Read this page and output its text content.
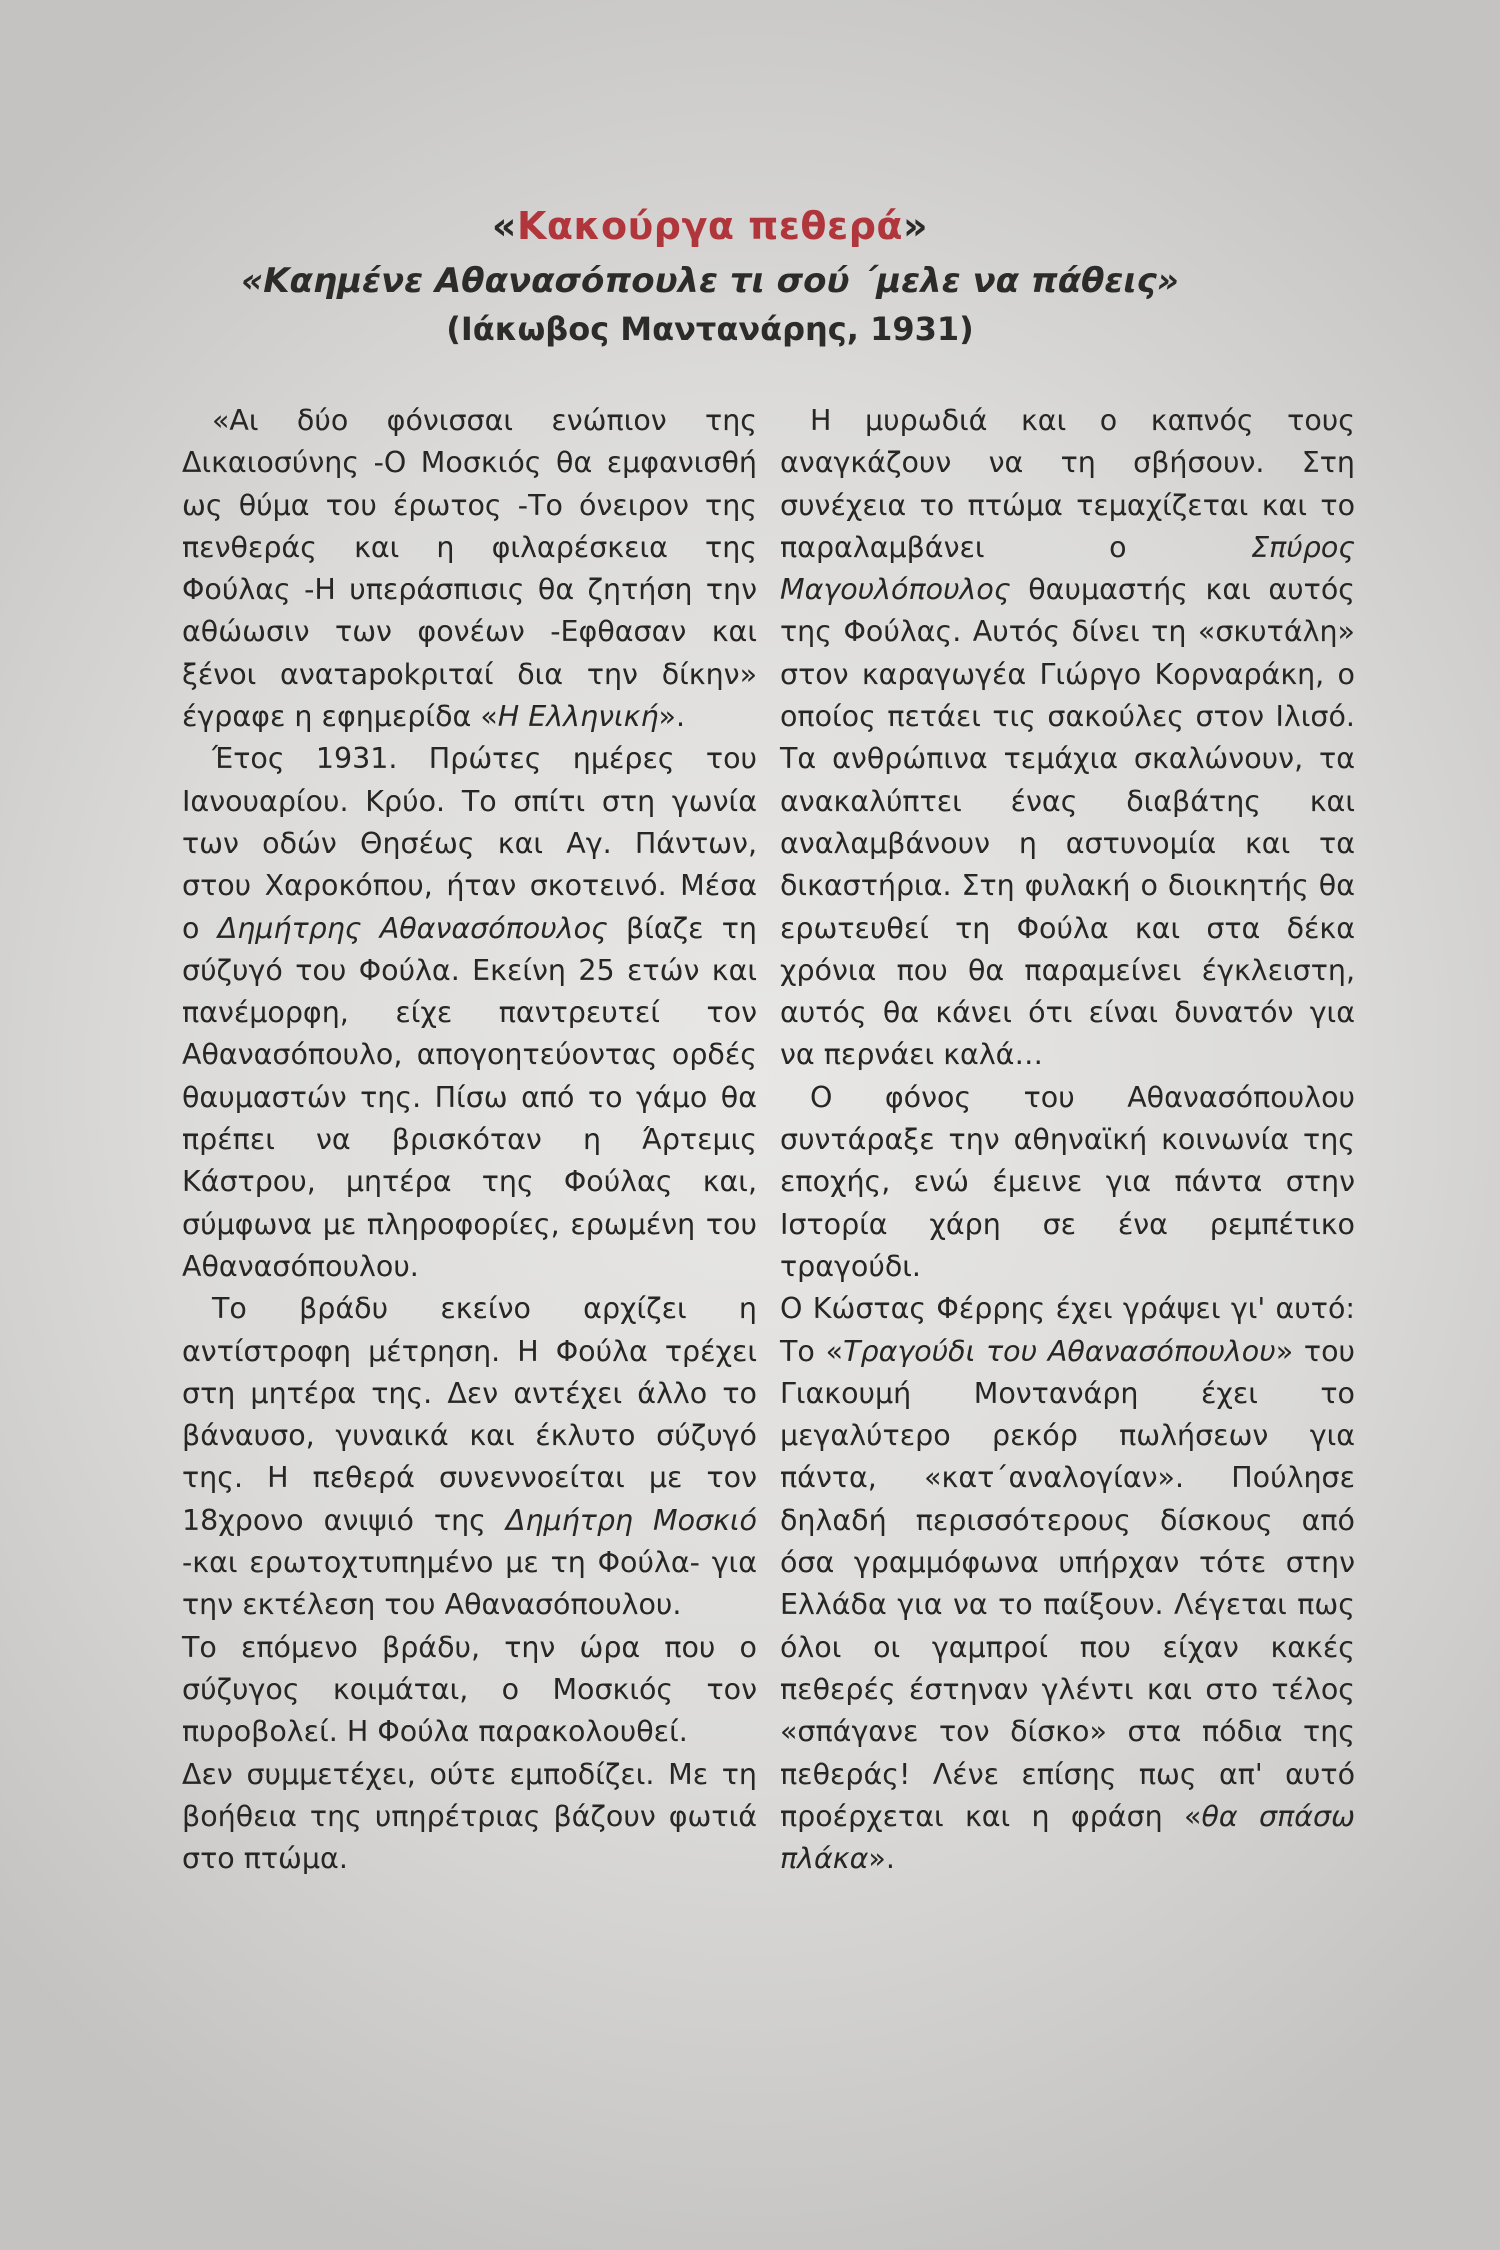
«Κακούργα πεθερά»
«Καημένε Αθανασόπουλε τι σού ΄μελε να πάθεις»
(Ιάκωβος Μαντανάρης, 1931)

«Αι δύο φόνισσαι ενώπιον της Δικαιοσύνης -Ο Μοσκιός θα εμφανισθή ως θύμα του έρωτος -Το όνειρον της πενθεράς και η φιλαρέσκεια της Φούλας -Η υπεράσπισις θα ζητήση την αθώωσιν των φονέων -Εφθασαν και ξένοι ανατapokριταί δια την δίκην» έγραφε η εφημερίδα «Η Ελληνική».

Έτος 1931. Πρώτες ημέρες του Ιανουαρίου. Κρύο. Το σπίτι στη γωνία των οδών Θησέως και Αγ. Πάντων, στου Χαροκόπου, ήταν σκοτεινό. Μέσα ο Δημήτρης Αθανασόπουλος βίαζε τη σύζυγό του Φούλα. Εκείνη 25 ετών και πανέμορφη, είχε παντρευτεί τον Αθανασόπουλο, απογοητεύοντας ορδές θαυμαστών της. Πίσω από το γάμο θα πρέπει να βρισκόταν η Άρτεμις Κάστρου, μητέρα της Φούλας και, σύμφωνα με πληροφορίες, ερωμένη του Αθανασόπουλου.

Το βράδυ εκείνο αρχίζει η αντίστροφη μέτρηση. Η Φούλα τρέχει στη μητέρα της. Δεν αντέχει άλλο το βάναυσο, γυναικά και έκλυτο σύζυγό της. Η πεθερά συνεννοείται με τον 18χρονο ανιψιό της Δημήτρη Μοσκιό -και ερωτοχτυπημένο με τη Φούλα- για την εκτέλεση του Αθανασόπουλου.

Το επόμενο βράδυ, την ώρα που ο σύζυγος κοιμάται, ο Μοσκιός τον πυροβολεί. Η Φούλα παρακολουθεί.

Δεν συμμετέχει, ούτε εμποδίζει. Με τη βοήθεια της υπηρέτριας βάζουν φωτιά στο πτώμα.

Η μυρωδιά και ο καπνός τους αναγκάζουν να τη σβήσουν. Στη συνέχεια το πτώμα τεμαχίζεται και το παραλαμβάνει ο Σπύρος Μαγουλόπουλος θαυμαστής και αυτός της Φούλας. Αυτός δίνει τη «σκυτάλη» στον καραγωγέα Γιώργο Κορναράκη, ο οποίος πετάει τις σακούλες στον Ιλισό. Τα ανθρώπινα τεμάχια σκαλώνουν, τα ανακαλύπτει ένας διαβάτης και αναλαμβάνουν η αστυνομία και τα δικαστήρια. Στη φυλακή ο διοικητής θα ερωτευθεί τη Φούλα και στα δέκα χρόνια που θα παραμείνει έγκλειστη, αυτός θα κάνει ότι είναι δυνατόν για να περνάει καλά…

Ο φόνος του Αθανασόπουλου συντάραξε την αθηναϊκή κοινωνία της εποχής, ενώ έμεινε για πάντα στην Ιστορία χάρη σε ένα ρεμπέτικο τραγούδι.

Ο Κώστας Φέρρης έχει γράψει γι' αυτό: Το «Τραγούδι του Αθανασόπουλου» του Γιακουμή Μοντανάρη έχει το μεγαλύτερο ρεκόρ πωλήσεων για πάντα, «κατ΄αναλογίαν». Πούλησε δηλαδή περισσότερους δίσκους από όσα γραμμόφωνα υπήρχαν τότε στην Ελλάδα για να το παίξουν. Λέγεται πως όλοι οι γαμπροί που είχαν κακές πεθερές έστηναν γλέντι και στο τέλος «σπάγανε τον δίσκο» στα πόδια της πεθεράς! Λένε επίσης πως απ' αυτό προέρχεται και η φράση «θα σπάσω πλάκα».
